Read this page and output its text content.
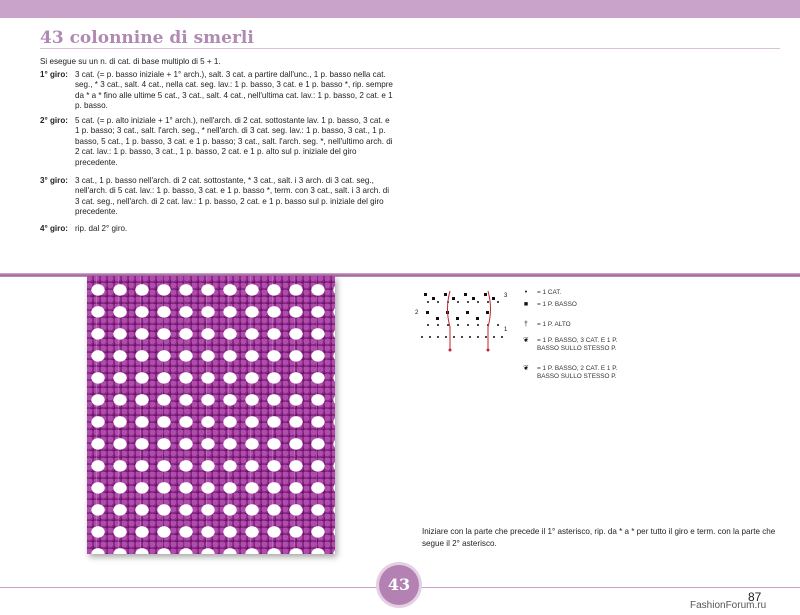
43 colonnine di smerli
Si esegue su un n. di cat. di base multiplo di 5 + 1.
1° giro: 3 cat. (= p. basso iniziale + 1° arch.), salt. 3 cat. a partire dall'unc., 1 p. basso nella cat. seg., * 3 cat., salt. 4 cat., nella cat. seg. lav.: 1 p. basso, 3 cat. e 1 p. basso *, rip. sempre da * a * fino alle ultime 5 cat., 3 cat., salt. 4 cat., nell'ultima cat. lav.: 1 p. basso, 2 cat. e 1 p. basso.
2° giro: 5 cat. (= p. alto iniziale + 1° arch.), nell'arch. di 2 cat. sottostante lav. 1 p. basso, 3 cat. e 1 p. basso; 3 cat., salt. l'arch. seg., * nell'arch. di 3 cat. seg. lav.: 1 p. basso, 3 cat., 1 p. basso, 5 cat., 1 p. basso, 3 cat. e 1 p. basso; 3 cat., salt. l'arch. seg. *, nell'ultimo arch. di 2 cat. lav.: 1 p. basso, 3 cat., 1 p. basso, 2 cat. e 1 p. alto sul p. iniziale del giro precedente.
3° giro: 3 cat., 1 p. basso nell'arch. di 2 cat. sottostante, * 3 cat., salt. i 3 arch. di 3 cat. seg., nell'arch. di 5 cat. lav.: 1 p. basso, 3 cat. e 1 p. basso *, term. con 3 cat., salt. i 3 arch. di 3 cat. seg., nell'arch. di 2 cat. lav.: 1 p. basso, 2 cat. e 1 p. basso sul p. iniziale del giro precedente.
4° giro: rip. dal 2° giro.
3
2
1
•	= 1 CAT.
■	= 1 P. BASSO
†	= 1 P. ALTO
❦	= 1 P. BASSO, 3 CAT. E 1 P. BASSO SULLO STESSO P.
❦	= 1 P. BASSO, 2 CAT. E 1 P. BASSO SULLO STESSO P.
Iniziare con la parte che precede il 1° asterisco, rip. da * a * per tutto il giro e term. con la parte che segue il 2° asterisco.
43
87
FashionForum.ru
